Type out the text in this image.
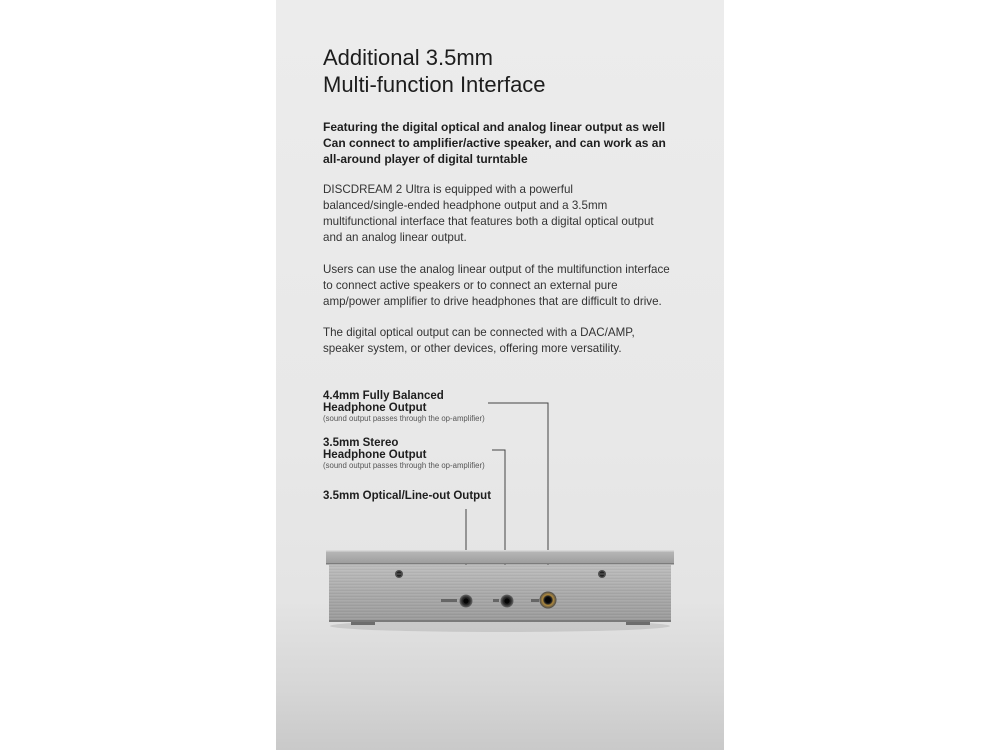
Additional 3.5mm
Multi-function Interface

Featuring the digital optical and analog linear output as well
Can connect to amplifier/active speaker, and can work as an
all-around player of digital turntable

DISCDREAM 2 Ultra is equipped with a powerful
balanced/single-ended headphone output and a 3.5mm
multifunctional interface that features both a digital optical output
and an analog linear output.

Users can use the analog linear output of the multifunction interface
to connect active speakers or to connect an external pure
amp/power amplifier to drive headphones that are difficult to drive.

The digital optical output can be connected with a DAC/AMP,
speaker system, or other devices, offering more versatility.

4.4mm Fully Balanced
Headphone Output

(sound output passes through the op-amplifier)

3.5mm Stereo
Headphone Output

(sound output passes through the op-amplifier)

3.5mm Optical/Line-out Output
